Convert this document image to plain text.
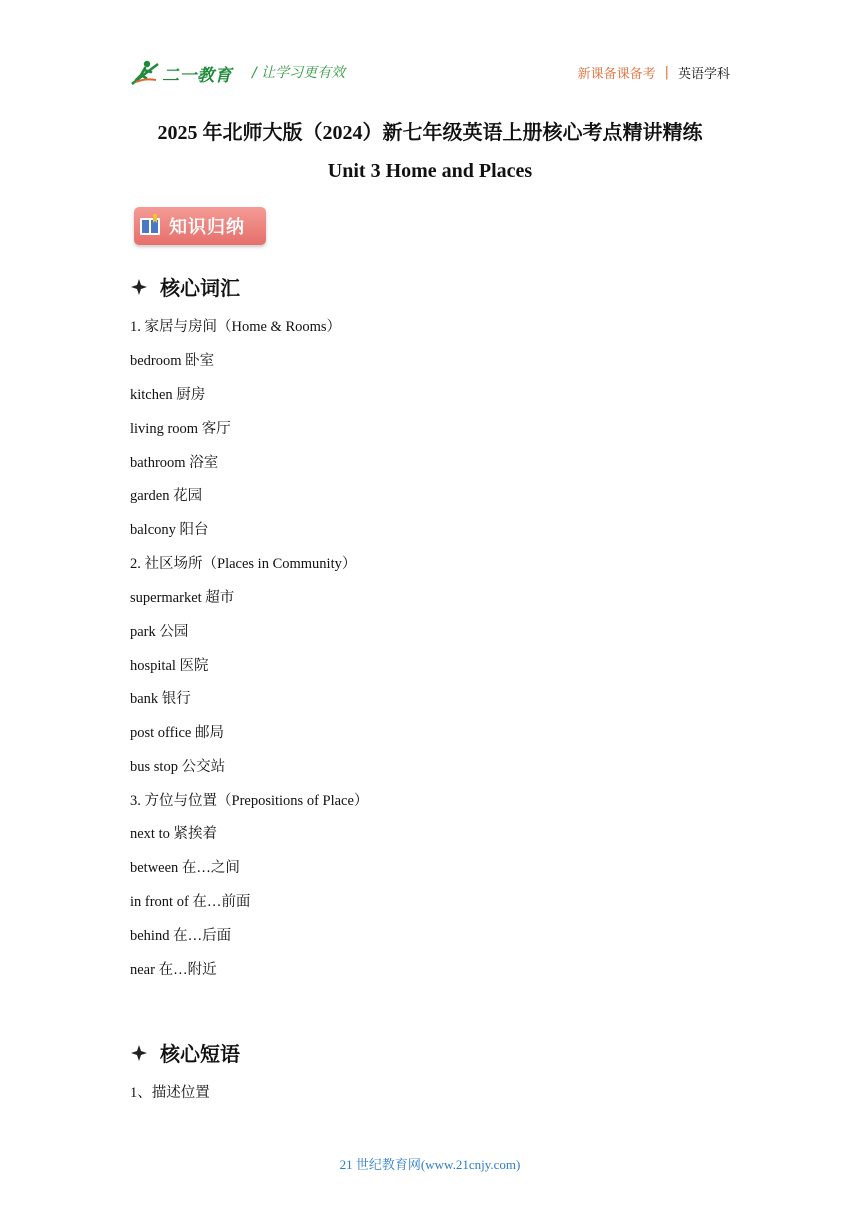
二一教育 / 让学习更有效	新课备课备考 | 英语学科
2025 年北师大版（2024）新七年级英语上册核心考点精讲精练
Unit 3 Home and Places
知识归纳
核心词汇
1. 家居与房间（Home & Rooms）
bedroom 卧室
kitchen 厨房
living room 客厅
bathroom 浴室
garden 花园
balcony 阳台
2. 社区场所（Places in Community）
supermarket 超市
park 公园
hospital 医院
bank 银行
post office 邮局
bus stop 公交站
3. 方位与位置（Prepositions of Place）
next to 紧挨着
between 在…之间
in front of 在…前面
behind 在…后面
near 在…附近
核心短语
1、描述位置
21 世纪教育网(www.21cnjy.com)
